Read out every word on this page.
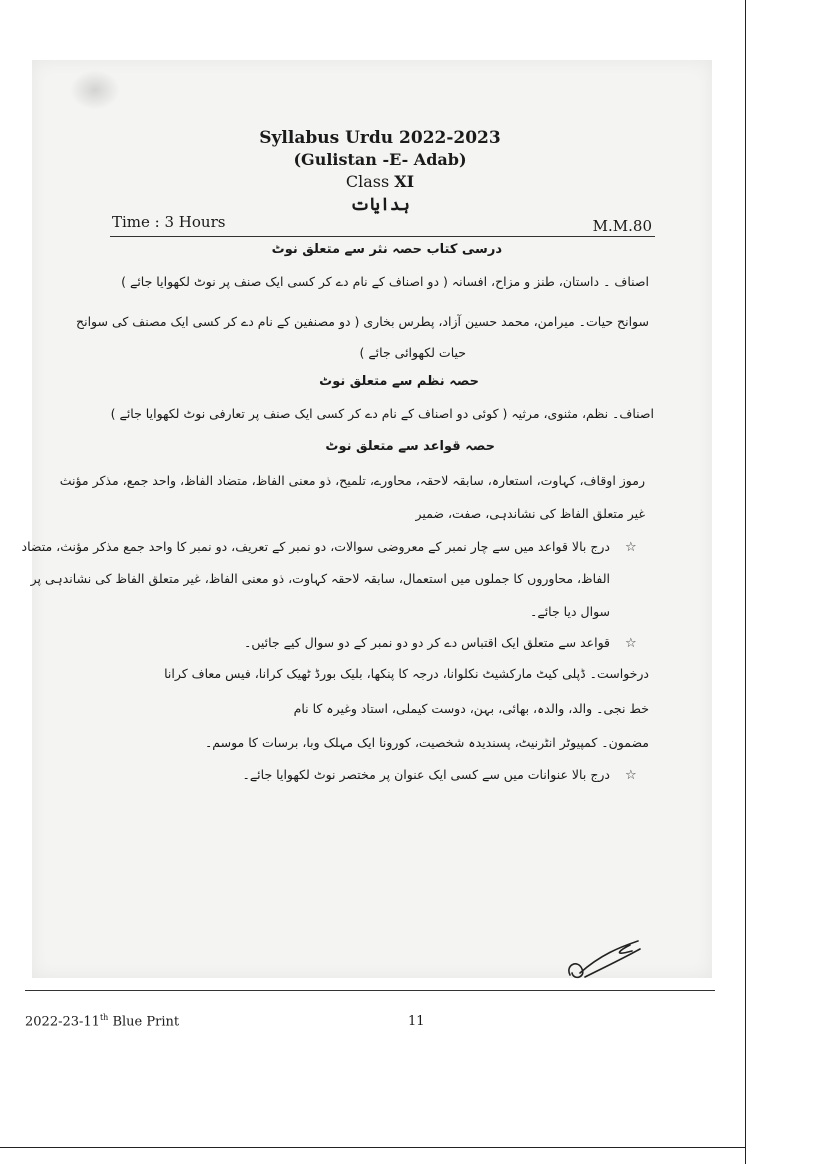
Syllabus Urdu 2022-2023
(Gulistan -E- Adab)
Class XI
ہدایات
Time : 3 Hours	M.M.80
درسی کتاب حصہ نثر سے متعلق نوٹ
اصناف ۔ داستان، طنز و مزاح، افسانہ ( دو اصناف کے نام دے کر کسی ایک صنف پر نوٹ لکھوایا جائے )
سوانح حیات۔ میرامن، محمد حسین آزاد، پطرس بخاری ( دو مصنفین کے نام دے کر کسی ایک مصنف کی سوانح
حیات لکھوائی جائے )
حصہ نظم سے متعلق نوٹ
اصناف۔ نظم، مثنوی، مرثیہ ( کوئی دو اصناف کے نام دے کر کسی ایک صنف پر تعارفی نوٹ لکھوایا جائے )
حصہ قواعد سے متعلق نوٹ
رموز اوقاف، کہاوت، استعارہ، سابقہ لاحقہ، محاورے، تلمیح، ذو معنی الفاظ، متضاد الفاظ، واحد جمع، مذکر مؤنث
غیر متعلق الفاظ کی نشاندہی، صفت، ضمیر
☆
درج بالا قواعد میں سے چار نمبر کے معروضی سوالات، دو نمبر کے تعریف، دو نمبر کا واحد جمع مذکر مؤنث، متضاد
الفاظ، محاوروں کا جملوں میں استعمال، سابقہ لاحقہ کہاوت، ذو معنی الفاظ، غیر متعلق الفاظ کی نشاندہی پر
سوال دیا جائے۔
☆
قواعد سے متعلق ایک اقتباس دے کر دو دو نمبر کے دو سوال کیے جائیں۔
درخواست۔ ڈپلی کیٹ مارکشیٹ نکلوانا، درجہ کا پنکھا، بلیک بورڈ ٹھیک کرانا، فیس معاف کرانا
خط نجی۔ والد، والدہ، بھائی، بہن، دوست کیملی، استاد وغیرہ کا نام
مضمون۔ کمپیوٹر انٹرنیٹ، پسندیدہ شخصیت، کورونا ایک مہلک وبا، برسات کا موسم۔
☆
درج بالا عنوانات میں سے کسی ایک عنوان پر مختصر نوٹ لکھوایا جائے۔
2022-23-11th Blue Print	11
